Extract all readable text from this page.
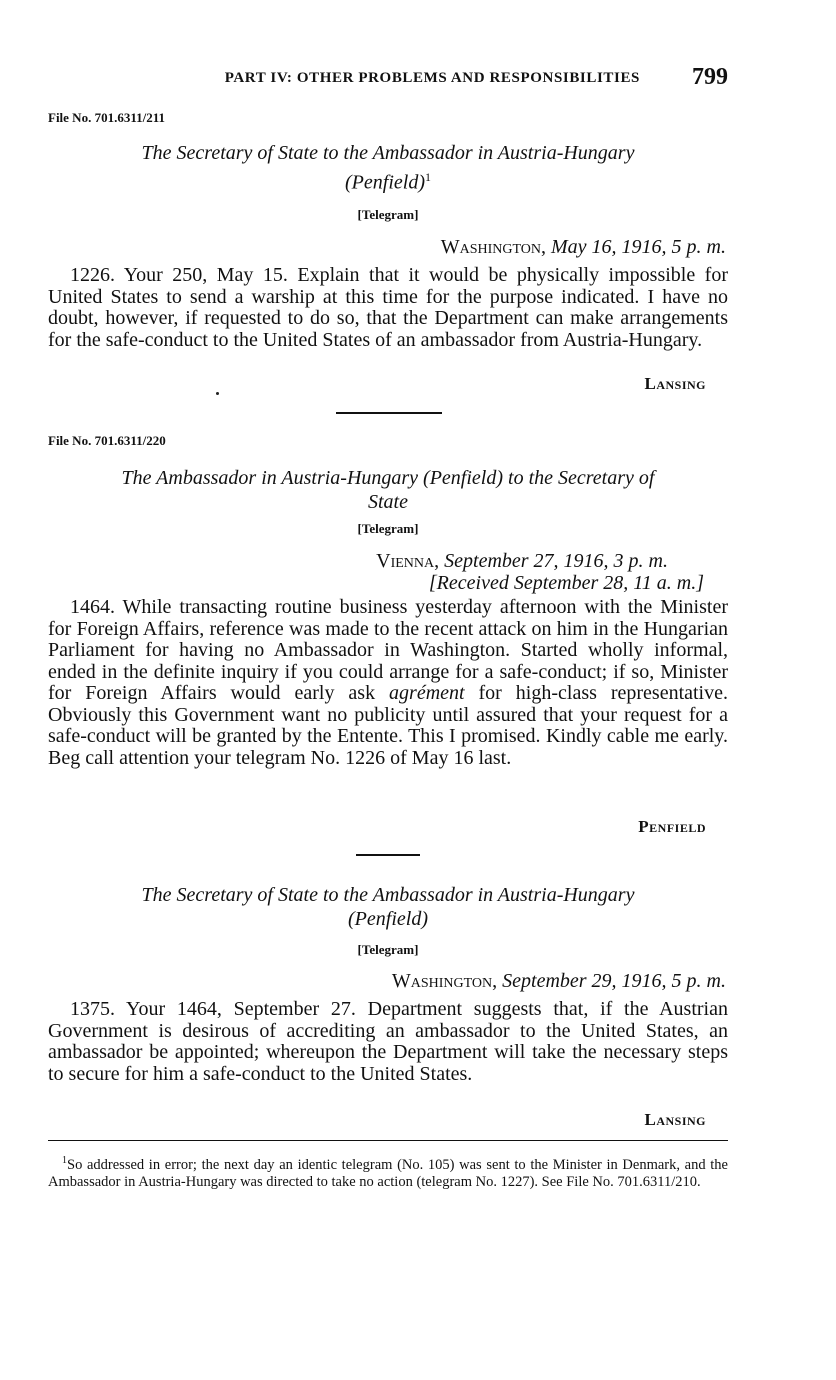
PART IV: OTHER PROBLEMS AND RESPONSIBILITIES 799
File No. 701.6311/211
The Secretary of State to the Ambassador in Austria-Hungary
(Penfield)$^1$
[Telegram]
Washington, May 16, 1916, 5 p. m.
1226. Your 250, May 15. Explain that it would be physically impossible for United States to send a warship at this time for the purpose indicated. I have no doubt, however, if requested to do so, that the Department can make arrangements for the safe-conduct to the United States of an ambassador from Austria-Hungary.
Lansing
File No. 701.6311/220
The Ambassador in Austria-Hungary (Penfield) to the Secretary of
State
[Telegram]
Vienna, September 27, 1916, 3 p. m.
[Received September 28, 11 a. m.]
1464. While transacting routine business yesterday afternoon with the Minister for Foreign Affairs, reference was made to the recent attack on him in the Hungarian Parliament for having no Ambassador in Washington. Started wholly informal, ended in the definite inquiry if you could arrange for a safe-conduct; if so, Minister for Foreign Affairs would early ask agrément for high-class representative. Obviously this Government want no publicity until assured that your request for a safe-conduct will be granted by the Entente. This I promised. Kindly cable me early. Beg call attention your telegram No. 1226 of May 16 last.
Penfield
The Secretary of State to the Ambassador in Austria-Hungary
(Penfield)
[Telegram]
Washington, September 29, 1916, 5 p. m.
1375. Your 1464, September 27. Department suggests that, if the Austrian Government is desirous of accrediting an ambassador to the United States, an ambassador be appointed; whereupon the Department will take the necessary steps to secure for him a safe-conduct to the United States.
Lansing
$^1$So addressed in error; the next day an identic telegram (No. 105) was sent to the Minister in Denmark, and the Ambassador in Austria-Hungary was directed to take no action (telegram No. 1227). See File No. 701.6311/210.
